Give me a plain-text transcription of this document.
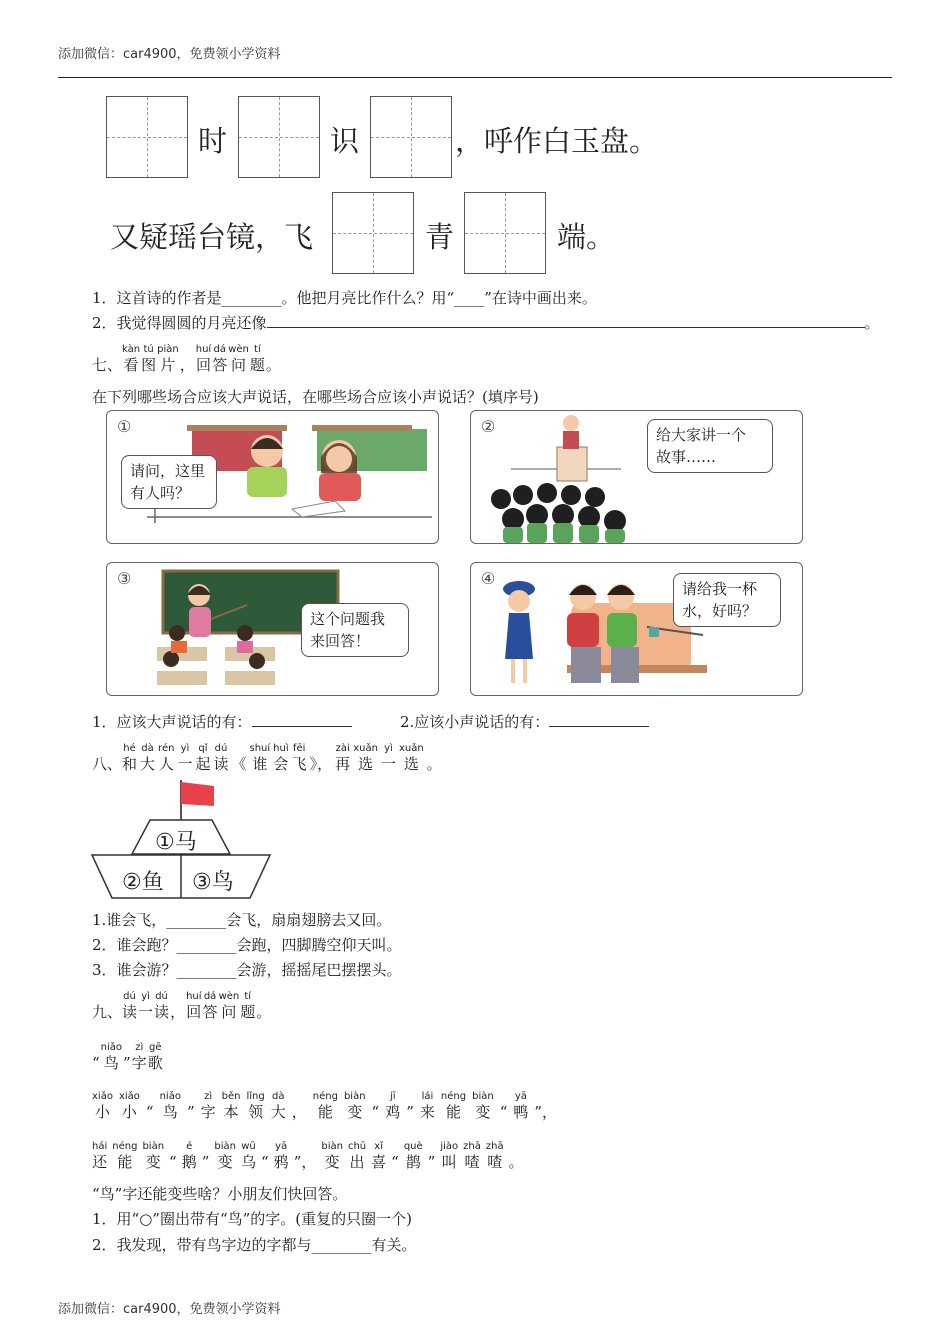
添加微信：car4900，免费领小学资料
时	识	，呼作白玉盘。
又疑瑶台镜，飞	青	端。
1．这首诗的作者是________。他把月亮比作什么？用“____”在诗中画出来。
2．我觉得圆圆的月亮还像	。

七、
kàn
看
tú
图
piàn
片
，
huí
回
dá
答
wèn
问
tí
题
。
在下列哪些场合应该大声说话，在哪些场合应该小声说话？(填序号)
①
请问，这里
有人吗？
②	给大家讲一个
故事……
③
这个问题我
来回答！
④
请给我一杯
水，好吗？
1．应该大声说话的有：	2.应该小声说话的有：

八、
hé
和
dà
大
rén
人
yì
一
qǐ
起
dú
读
《
shuí
谁
huì
会
fēi
飞
》，
zài
再
xuǎn
选
yì
一
xuǎn
选
。
①马
②鱼 ③鸟
1.谁会飞，________会飞，扇扇翅膀去又回。
2．谁会跑？________会跑，四脚腾空仰天叫。
3．谁会游？________会游，摇摇尾巴摆摆头。

九、
dú
读
yì
一
dú
读
，
huí
回
dá
答
wèn
问
tí
题
。

“
niǎo
鸟
”
zì
字
gē
歌
xiǎo
小
xiǎo
小
“
niǎo
鸟
”
zì
字
běn
本
lǐng
领
dà
大
，
néng
能
biàn
变
“
jī
鸡
”
lái
来
néng
能
biàn
变
“
yā
鸭
”，
hái
还
néng
能
biàn
变
“
é
鹅
”
biàn
变
wū
乌
“
yā
鸦
”，
biàn
变
chū
出
xǐ
喜
“
què
鹊
”
jiào
叫
zhā
喳
zhā
喳
。
“鸟”字还能变些啥？小朋友们快回答。
1．用“○”圈出带有“鸟”的字。(重复的只圈一个)
2．我发现，带有鸟字边的字都与________有关。
添加微信：car4900，免费领小学资料
